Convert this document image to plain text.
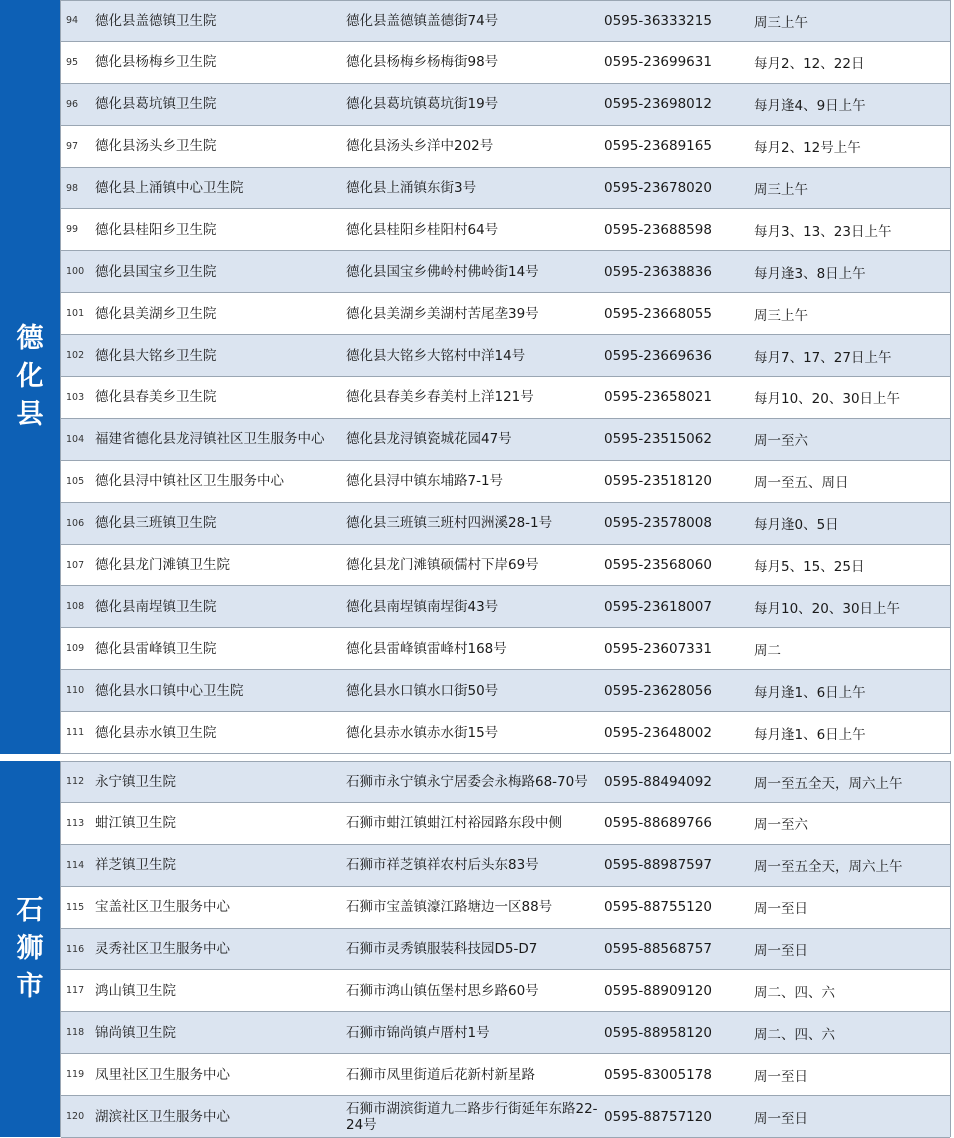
德
化
县
94	德化县盖德镇卫生院	德化县盖德镇盖德街74号	0595-36333215	周三上午
95	德化县杨梅乡卫生院	德化县杨梅乡杨梅街98号	0595-23699631	每月2、12、22日
96	德化县葛坑镇卫生院	德化县葛坑镇葛坑街19号	0595-23698012	每月逢4、9日上午
97	德化县汤头乡卫生院	德化县汤头乡洋中202号	0595-23689165	每月2、12号上午
98	德化县上涌镇中心卫生院	德化县上涌镇东街3号	0595-23678020	周三上午
99	德化县桂阳乡卫生院	德化县桂阳乡桂阳村64号	0595-23688598	每月3、13、23日上午
100 德化县国宝乡卫生院	德化县国宝乡佛岭村佛岭街14号	0595-23638836	每月逢3、8日上午
101 德化县美湖乡卫生院	德化县美湖乡美湖村苦尾垄39号	0595-23668055	周三上午
102 德化县大铭乡卫生院	德化县大铭乡大铭村中洋14号	0595-23669636	每月7、17、27日上午
103 德化县春美乡卫生院	德化县春美乡春美村上洋121号	0595-23658021	每月10、20、30日上午
104 福建省德化县龙浔镇社区卫生服务中心	德化县龙浔镇瓷城花园47号	0595-23515062	周一至六
105 德化县浔中镇社区卫生服务中心	德化县浔中镇东埔路7-1号	0595-23518120	周一至五、周日
106 德化县三班镇卫生院	德化县三班镇三班村四洲溪28-1号	0595-23578008	每月逢0、5日
107 德化县龙门滩镇卫生院	德化县龙门滩镇硕儒村下岸69号	0595-23568060	每月5、15、25日
108 德化县南埕镇卫生院	德化县南埕镇南埕街43号	0595-23618007	每月10、20、30日上午
109 德化县雷峰镇卫生院	德化县雷峰镇雷峰村168号	0595-23607331	周二
110 德化县水口镇中心卫生院	德化县水口镇水口街50号	0595-23628056	每月逢1、6日上午
111 德化县赤水镇卫生院	德化县赤水镇赤水街15号	0595-23648002	每月逢1、6日上午
石
狮
市
112 永宁镇卫生院	石狮市永宁镇永宁居委会永梅路68-70号	0595-88494092	周一至五全天，周六上午
113 蚶江镇卫生院	石狮市蚶江镇蚶江村裕园路东段中侧	0595-88689766	周一至六
114 祥芝镇卫生院	石狮市祥芝镇祥农村后头东83号	0595-88987597	周一至五全天，周六上午
115 宝盖社区卫生服务中心	石狮市宝盖镇濠江路塘边一区88号	0595-88755120	周一至日
116 灵秀社区卫生服务中心	石狮市灵秀镇服装科技园D5-D7	0595-88568757	周一至日
117 鸿山镇卫生院	石狮市鸿山镇伍堡村思乡路60号	0595-88909120	周二、四、六
118 锦尚镇卫生院	石狮市锦尚镇卢厝村1号	0595-88958120	周二、四、六
119 凤里社区卫生服务中心	石狮市凤里街道后花新村新星路	0595-83005178	周一至日
120 湖滨社区卫生服务中心	石狮市湖滨街道九二路步行街延年东路22-24号	0595-88757120	周一至日
